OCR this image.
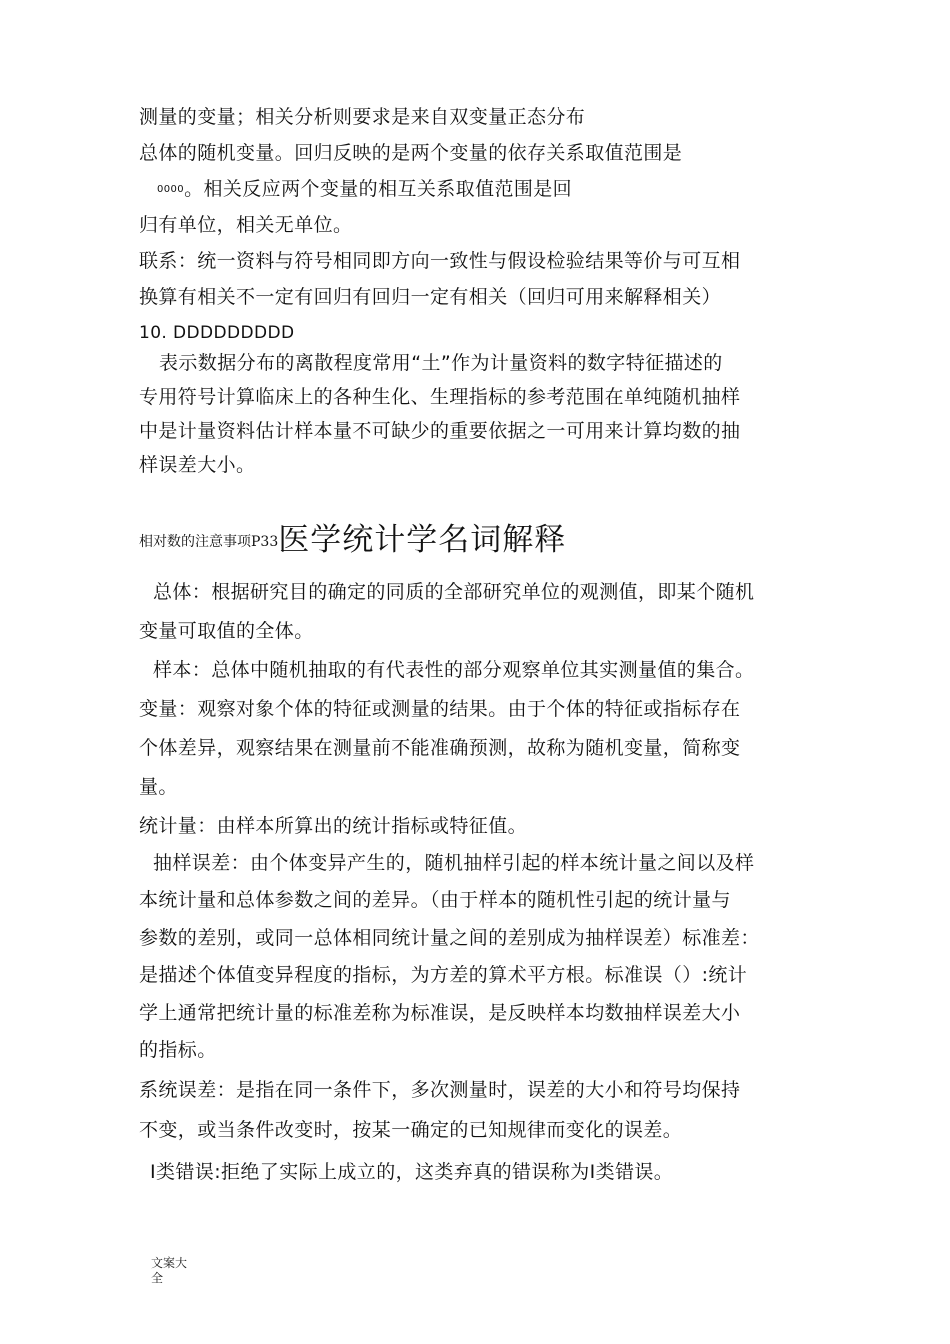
测量的变量；相关分析则要求是来自双变量正态分布
总体的随机变量。回归反映的是两个变量的依存关系取值范围是
0000。相关反应两个变量的相互关系取值范围是回
归有单位，相关无单位。
联系：统一资料与符号相同即方向一致性与假设检验结果等价与可互相
换算有相关不一定有回归有回归一定有相关（回归可用来解释相关）
10. DDDDDDDDD
表示数据分布的离散程度常用“土”作为计量资料的数字特征描述的
专用符号计算临床上的各种生化、生理指标的参考范围在单纯随机抽样
中是计量资料估计样本量不可缺少的重要依据之一可用来计算均数的抽
样误差大小。
相对数的注意事项P33医学统计学名词解释
总体：根据研究目的确定的同质的全部研究单位的观测值，即某个随机
变量可取值的全体。
样本：总体中随机抽取的有代表性的部分观察单位其实测量值的集合。
变量：观察对象个体的特征或测量的结果。由于个体的特征或指标存在
个体差异，观察结果在测量前不能准确预测，故称为随机变量，简称变
量。
统计量：由样本所算出的统计指标或特征值。
抽样误差：由个体变异产生的，随机抽样引起的样本统计量之间以及样
本统计量和总体参数之间的差异。（由于样本的随机性引起的统计量与
参数的差别，或同一总体相同统计量之间的差别成为抽样误差）标准差：
是描述个体值变异程度的指标，为方差的算术平方根。标准误（）:统计
学上通常把统计量的标准差称为标准误，是反映样本均数抽样误差大小
的指标。
系统误差：是指在同一条件下，多次测量时，误差的大小和符号均保持
不变，或当条件改变时，按某一确定的已知规律而变化的误差。
Ⅰ类错误:拒绝了实际上成立的，这类弃真的错误称为Ⅰ类错误。
文案大全
